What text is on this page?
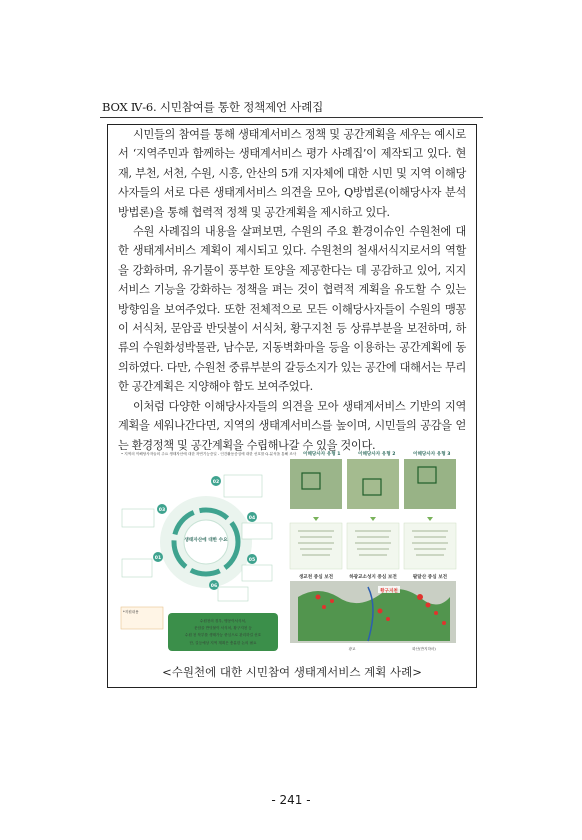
BOX Ⅳ-6. 시민참여를 통한 정책제언 사례집

시민들의 참여를 통해 생태계서비스 정책 및 공간계획을 세우는 예시로서 ‘지역주민과 함께하는 생태계서비스 평가 사례집’이 제작되고 있다. 현재, 부천, 서천, 수원, 시흥, 안산의 5개 지자체에 대한 시민 및 지역 이해당사자들의 서로 다른 생태계서비스 의견을 모아, Q방법론(이해당사자 분석 방법론)을 통해 협력적 정책 및 공간계획을 제시하고 있다.

수원 사례집의 내용을 살펴보면, 수원의 주요 환경이슈인 수원천에 대한 생태계서비스 계획이 제시되고 있다. 수원천의 철새서식지로서의 역할을 강화하며, 유기물이 풍부한 토양을 제공한다는 데 공감하고 있어, 지지서비스 기능을 강화하는 정책을 펴는 것이 협력적 계획을 유도할 수 있는 방향임을 보여주었다. 또한 전체적으로 모든 이해당사자들이 수원의 맹꽁이 서식처, 문암골 반딧불이 서식처, 황구지천 등 상류부분을 보전하며, 하류의 수원화성박물관, 남수문, 지동벽화마을 등을 이용하는 공간계획에 동의하였다. 다만, 수원천 중류부분의 갈등소지가 있는 공간에 대해서는 무리한 공간계획은 지양해야 함도 보여주었다.

이처럼 다양한 이해당사자들의 의견을 모아 생태계서비스 기반의 지역계획을 세워나간다면, 지역의 생태계서비스를 높이며, 시민들의 공감을 얻는 환경정책 및 공간계획을 수립해나갈 수 있을 것이다.

• 지역의 이해당사자들의 주요 생태자산에 대한 자연기능증일 - 인간활동증심에 대한 선호를 Q-분석을 통해 조사
생태자산에 대한 수요
02
04
05
06
01
03
*지원내용
수원천의 경우, 맹꽁이서식처,
문암골 반딧불이 서식처, 황구지천 등
수원 천 북부를 생태가능 중심으로 관리하길 선호
단, 갈등예상 지역 계획은 충분한 논의 필요
이해당사자 유형 1	이해당사자 유형 2	이해당사자 유형 3
생교천 중심 보전	하광교소성지 중심 보전	팔달산 중심 보전
황구지천
광교	화산(반지하마)
<수원천에 대한 시민참여 생태계서비스 계획 사례>
- 241 -
